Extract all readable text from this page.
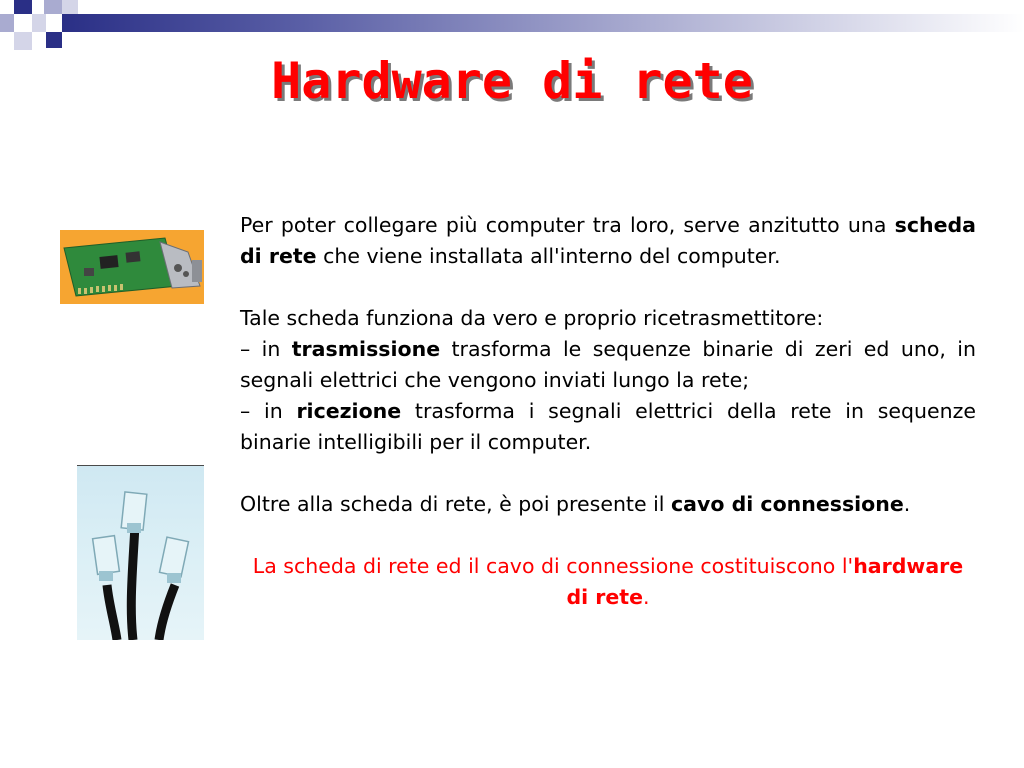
Hardware di rete

Per poter collegare più computer tra loro, serve anzitutto una scheda di rete che viene installata all'interno del computer.

Tale scheda funziona da vero e proprio ricetrasmettitore:

– in trasmissione trasforma le sequenze binarie di zeri ed uno, in segnali elettrici che vengono inviati lungo la rete;

– in ricezione trasforma i segnali elettrici della rete in sequenze binarie intelligibili per il computer.

Oltre alla scheda di rete, è poi presente il cavo di connessione.

La scheda di rete ed il cavo di connessione costituiscono l'hardware di rete.
